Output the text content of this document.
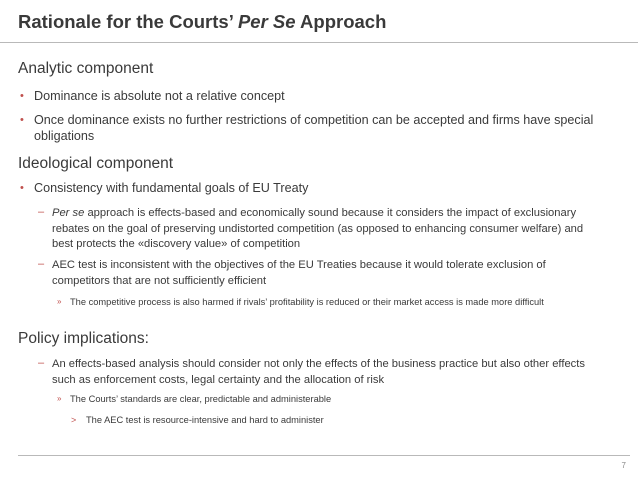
Rationale for the Courts’ Per Se Approach
Analytic component
• Dominance is absolute not a relative concept
• Once dominance exists no further restrictions of competition can be accepted and firms have special obligations
Ideological component
• Consistency with fundamental goals of EU Treaty
– Per se approach is effects-based and economically sound because it considers the impact of exclusionary rebates on the goal of preserving undistorted competition (as opposed to enhancing consumer welfare) and best protects the «discovery value» of competition
– AEC test is inconsistent with the objectives of the EU Treaties because it would tolerate exclusion of competitors that are not sufficiently efficient
» The competitive process is also harmed if rivals’ profitability is reduced or their market access is made more difficult
Policy implications:
– An effects-based analysis should consider not only the effects of the business practice but also other effects such as enforcement costs, legal certainty and the allocation of risk
» The Courts’ standards are clear, predictable and administerable
> The AEC test is resource-intensive and hard to administer
7
